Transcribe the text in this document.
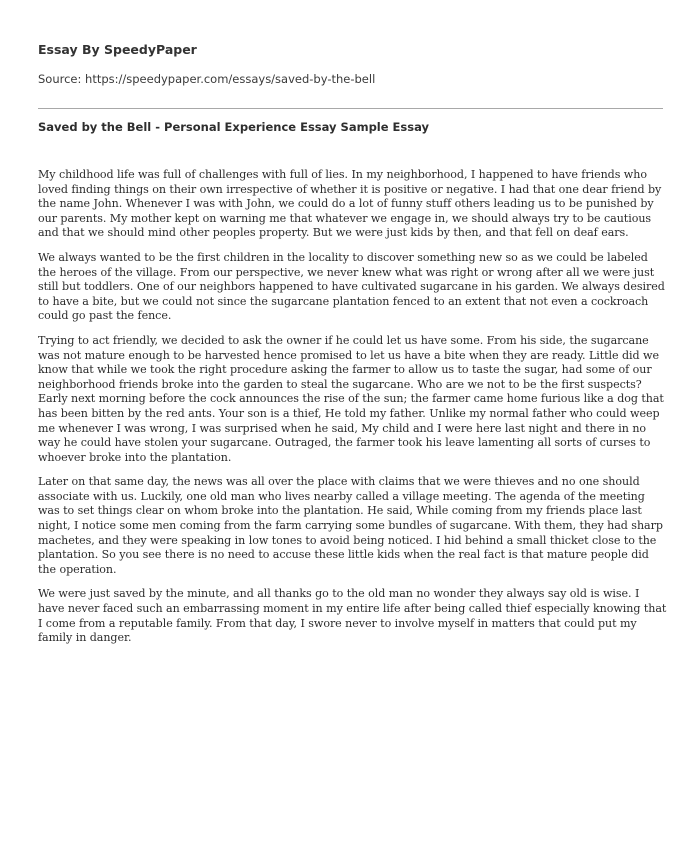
Essay By SpeedyPaper
Source: https://speedypaper.com/essays/saved-by-the-bell
Saved by the Bell - Personal Experience Essay Sample Essay

My childhood life was full of challenges with full of lies. In my neighborhood, I happened to have friends who loved finding things on their own irrespective of whether it is positive or negative. I had that one dear friend by the name John. Whenever I was with John, we could do a lot of funny stuff others leading us to be punished by our parents. My mother kept on warning me that whatever we engage in, we should always try to be cautious and that we should mind other peoples property. But we were just kids by then, and that fell on deaf ears.

We always wanted to be the first children in the locality to discover something new so as we could be labeled the heroes of the village. From our perspective, we never knew what was right or wrong after all we were just still but toddlers. One of our neighbors happened to have cultivated sugarcane in his garden. We always desired to have a bite, but we could not since the sugarcane plantation fenced to an extent that not even a cockroach could go past the fence.

Trying to act friendly, we decided to ask the owner if he could let us have some. From his side, the sugarcane was not mature enough to be harvested hence promised to let us have a bite when they are ready. Little did we know that while we took the right procedure asking the farmer to allow us to taste the sugar, had some of our neighborhood friends broke into the garden to steal the sugarcane. Who are we not to be the first suspects? Early next morning before the cock announces the rise of the sun; the farmer came home furious like a dog that has been bitten by the red ants. Your son is a thief, He told my father. Unlike my normal father who could weep me whenever I was wrong, I was surprised when he said, My child and I were here last night and there in no way he could have stolen your sugarcane. Outraged, the farmer took his leave lamenting all sorts of curses to whoever broke into the plantation.

Later on that same day, the news was all over the place with claims that we were thieves and no one should associate with us. Luckily, one old man who lives nearby called a village meeting. The agenda of the meeting was to set things clear on whom broke into the plantation. He said, While coming from my friends place last night, I notice some men coming from the farm carrying some bundles of sugarcane. With them, they had sharp machetes, and they were speaking in low tones to avoid being noticed. I hid behind a small thicket close to the plantation. So you see there is no need to accuse these little kids when the real fact is that mature people did the operation.

We were just saved by the minute, and all thanks go to the old man no wonder they always say old is wise. I have never faced such an embarrassing moment in my entire life after being called thief especially knowing that I come from a reputable family. From that day, I swore never to involve myself in matters that could put my family in danger.
